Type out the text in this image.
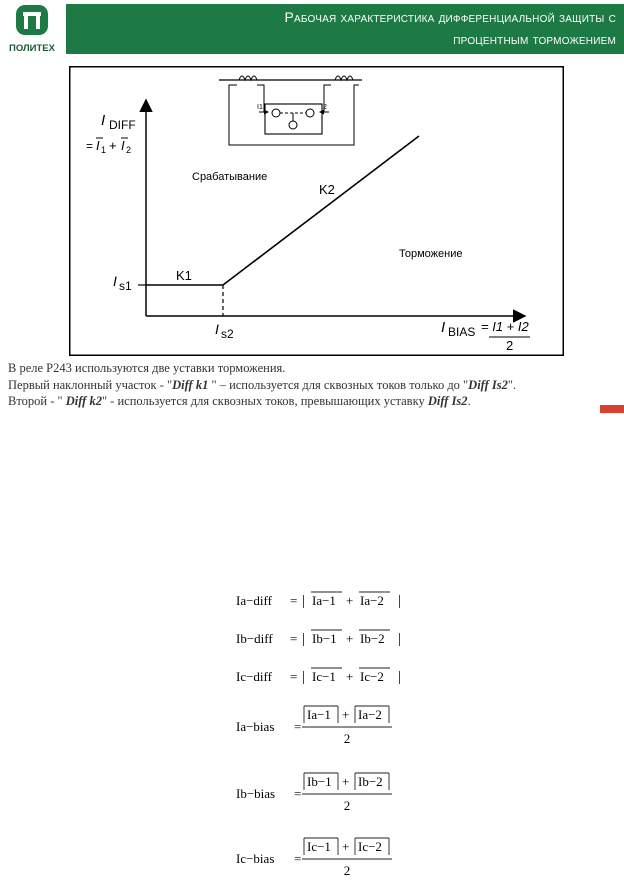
ПОЛИТЕХ
Рабочая характеристика дифференциальной защиты с
процентным торможением
I1	I2
I DIFF
= I 1 + I 2
I s1
I s2
K1
K2
Срабатывание
Торможение
I BIAS = I1 + I2
2
В реле Р243 используются две уставки торможения.
Первый наклонный участок - "Diff k1 " – используется для сквозных токов только до "Diff Is2".
Второй - " Diff k2" - используется для сквозных токов, превышающих уставку Diff Is2.
Ia−diff = | Ia−1 + Ia−2 |
Ib−diff = | Ib−1 + Ib−2 |
Ic−diff = | Ic−1 + Ic−2 |
Ia−bias =
Ia−1 + Ia−2
2
Ib−bias =
Ib−1 + Ib−2
2
Ic−bias =
Ic−1 + Ic−2
2
